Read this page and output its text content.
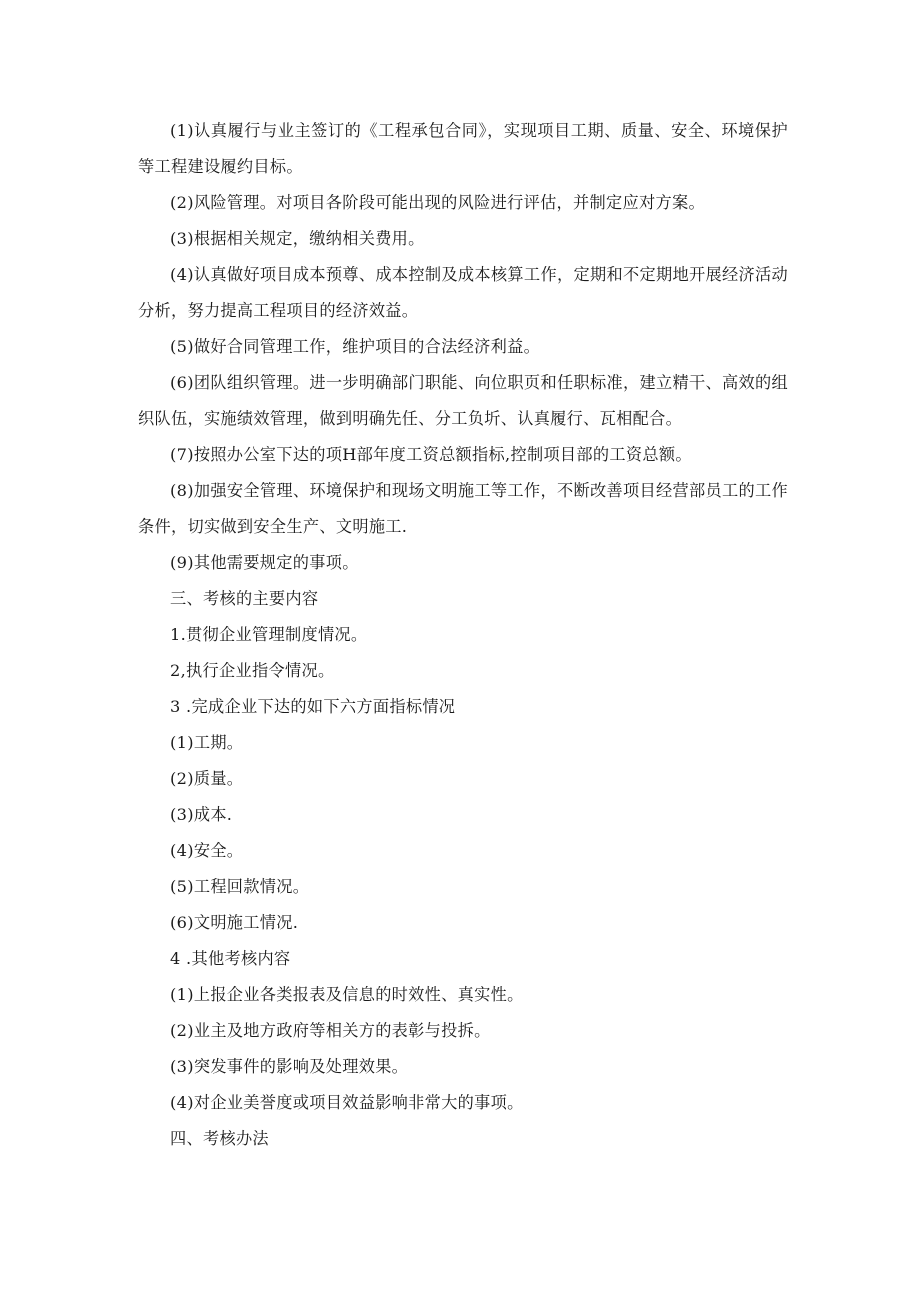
(1)认真履行与业主签订的《工程承包合同》，实现项目工期、质量、安全、环境保护等工程建设履约目标。

(2)风险管理。对项目各阶段可能出现的风险进行评估，并制定应对方案。

(3)根据相关规定，缴纳相关费用。

(4)认真做好项目成本预尊、成本控制及成本核算工作，定期和不定期地开展经济活动分析，努力提高工程项目的经济效益。

(5)做好合同管理工作，维护项目的合法经济利益。

(6)团队组织管理。进一步明确部门职能、向位职页和任职标准，建立精干、高效的组织队伍，实施绩效管理，做到明确先任、分工负圻、认真履行、瓦相配合。

(7)按照办公室下达的项H部年度工资总额指标,控制项目部的工资总额。

(8)加强安全管理、环境保护和现场文明施工等工作，不断改善项目经营部员工的工作条件，切实做到安全生产、文明施工.

(9)其他需要规定的事项。

三、考核的主要内容

1.贯彻企业管理制度情况。

2,执行企业指令情况。

3 .完成企业下达的如下六方面指标情况

(1)工期。

(2)质量。

(3)成本.

(4)安全。

(5)工程回款情况。

(6)文明施工情况.

4 .其他考核内容

(1)上报企业各类报表及信息的时效性、真实性。

(2)业主及地方政府等相关方的表彰与投拆。

(3)突发事件的影响及处理效果。

(4)对企业美誉度或项目效益影响非常大的事项。

四、考核办法
